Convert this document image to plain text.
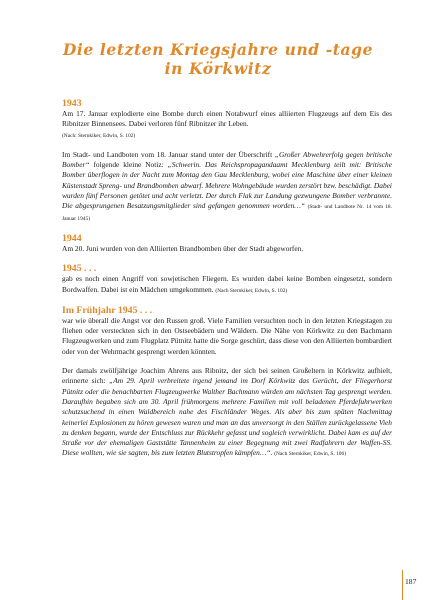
Die letzten Kriegsjahre und -tage
in Körkwitz
1943
Am 17. Januar explodierte eine Bombe durch einen Notabwurf eines alliierten Flugzeugs auf dem Eis des Ribnitzer Binnensees. Dabei verloren fünf Ribnitzer ihr Leben.
(Nach: Sternkiker, Edwin, S. 102)
Im Stadt- und Landboten vom 18. Januar stand unter der Überschrift „Großer Abwehrerfolg gegen britische Bomber“ folgende kleine Notiz: „Schwerin. Das Reichspropagandaamt Mecklenburg teilt mit: Britische Bomber überflogen in der Nacht zum Montag den Gau Mecklenburg, wobei eine Maschine über einer kleinen Küstenstadt Spreng- und Brandbomben abwarf. Mehrere Wohngebäude wurden zerstört bzw. beschädigt. Dabei wurden fünf Personen getötet und acht verletzt. Der durch Flak zur Landung gezwungene Bomber verbrannte. Die abgesprungenen Besatzungsmitglieder sind gefangen genommen worden…“ (Stadt- und Landbote Nr. 14 vom 18. Januar 1945)
1944
Am 20. Juni wurden von den Alliierten Brandbomben über der Stadt abgeworfen.
1945 . . .
gab es noch einen Angriff von sowjetischen Fliegern. Es wurden dabei keine Bomben eingesetzt, sondern Bordwaffen. Dabei ist ein Mädchen umgekommen. (Nach Sternkiker, Edwin, S. 102)
Im Frühjahr 1945 . . .
war wie überall die Angst vor den Russen groß. Viele Familien versuchten noch in den letzten Kriegstagen zu fliehen oder versteckten sich in den Ostseebädern und Wäldern. Die Nähe von Körkwitz zu den Bachmann Flugzeugwerken und zum Flugplatz Pütnitz hatte die Sorge geschürt, dass diese von den Alliierten bombardiert oder von der Wehrmacht gesprengt werden könnten.
Der damals zwölfjährige Joachim Ahrens aus Ribnitz, der sich bei seinen Großeltern in Körkwitz aufhielt, erinnerte sich: „Am 29. April verbreitete irgend jemand im Dorf Körkwitz das Gerücht, der Fliegerhorst Pütnitz oder die benachbarten Flugzeugwerke Walther Bachmann würden am nächsten Tag gesprengt werden. Daraufhin begaben sich am 30. April frühmorgens mehrere Familien mit voll beladenen Pferdefuhrwerken schutzsuchend in einen Waldbereich nahe des Fischländer Weges. Als aber bis zum späten Nachmittag keinerlei Explosionen zu hören gewesen waren und man an das unversorgt in den Ställen zurückgelassene Vieh zu denken begann, wurde der Entschluss zur Rückkehr gefasst und sogleich verwirklicht. Dabei kam es auf der Straße vor der ehemaligen Gaststätte Tannenheim zu einer Begegnung mit zwei Radfahrern der Waffen-SS. Diese wollten, wie sie sagten, bis zum letzten Blutstropfen kämpfen…“. (Nach Sternkiker, Edwin, S. 106)
187
